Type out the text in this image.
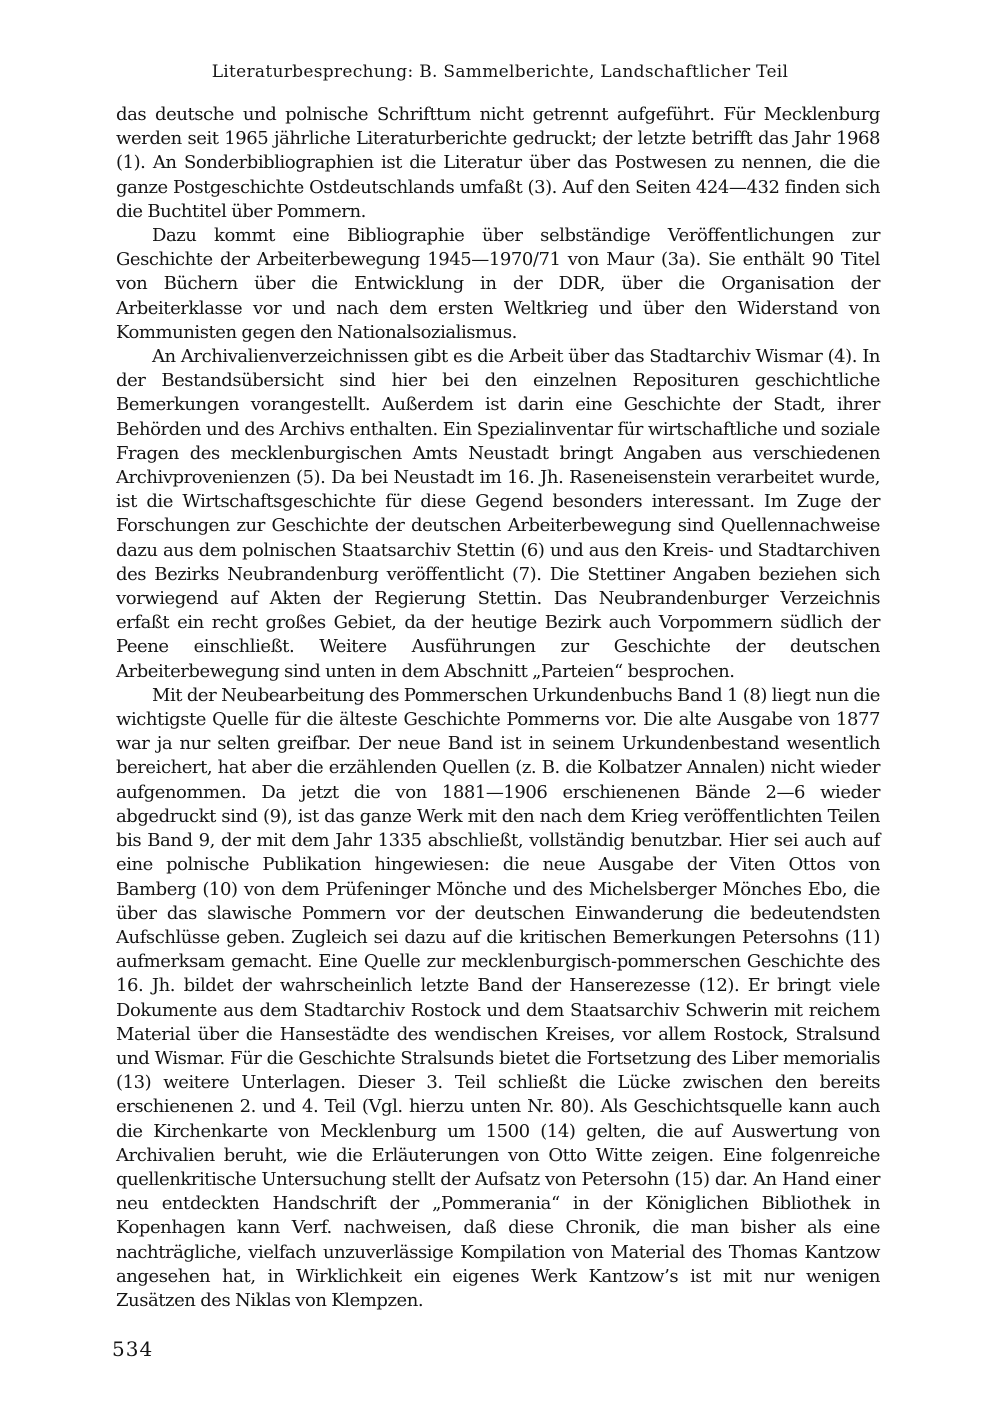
Literaturbesprechung: B. Sammelberichte, Landschaftlicher Teil

das deutsche und polnische Schrifttum nicht getrennt aufgeführt. Für Mecklenburg werden seit 1965 jährliche Literaturberichte gedruckt; der letzte betrifft das Jahr 1968 (1). An Sonderbibliographien ist die Literatur über das Postwesen zu nennen, die die ganze Postgeschichte Ostdeutschlands umfaßt (3). Auf den Seiten 424—432 finden sich die Buchtitel über Pommern.

Dazu kommt eine Bibliographie über selbständige Veröffentlichungen zur Geschichte der Arbeiterbewegung 1945—1970/71 von Maur (3a). Sie enthält 90 Titel von Büchern über die Entwicklung in der DDR, über die Organisation der Arbeiterklasse vor und nach dem ersten Weltkrieg und über den Widerstand von Kommunisten gegen den Nationalsozialismus.

An Archivalienverzeichnissen gibt es die Arbeit über das Stadtarchiv Wismar (4). In der Bestandsübersicht sind hier bei den einzelnen Reposituren geschichtliche Bemerkungen vorangestellt. Außerdem ist darin eine Geschichte der Stadt, ihrer Behörden und des Archivs enthalten. Ein Spezialinventar für wirtschaftliche und soziale Fragen des mecklenburgischen Amts Neustadt bringt Angaben aus verschiedenen Archivprovenienzen (5). Da bei Neustadt im 16. Jh. Raseneisenstein verarbeitet wurde, ist die Wirtschaftsgeschichte für diese Gegend besonders interessant. Im Zuge der Forschungen zur Geschichte der deutschen Arbeiterbewegung sind Quellennachweise dazu aus dem polnischen Staatsarchiv Stettin (6) und aus den Kreis- und Stadtarchiven des Bezirks Neubrandenburg veröffentlicht (7). Die Stettiner Angaben beziehen sich vorwiegend auf Akten der Regierung Stettin. Das Neubrandenburger Verzeichnis erfaßt ein recht großes Gebiet, da der heutige Bezirk auch Vorpommern südlich der Peene einschließt. Weitere Ausführungen zur Geschichte der deutschen Arbeiterbewegung sind unten in dem Abschnitt „Parteien“ besprochen.

Mit der Neubearbeitung des Pommerschen Urkundenbuchs Band 1 (8) liegt nun die wichtigste Quelle für die älteste Geschichte Pommerns vor. Die alte Ausgabe von 1877 war ja nur selten greifbar. Der neue Band ist in seinem Urkundenbestand wesentlich bereichert, hat aber die erzählenden Quellen (z. B. die Kolbatzer Annalen) nicht wieder aufgenommen. Da jetzt die von 1881—1906 erschienenen Bände 2—6 wieder abgedruckt sind (9), ist das ganze Werk mit den nach dem Krieg veröffentlichten Teilen bis Band 9, der mit dem Jahr 1335 abschließt, vollständig benutzbar. Hier sei auch auf eine polnische Publikation hingewiesen: die neue Ausgabe der Viten Ottos von Bamberg (10) von dem Prüfeninger Mönche und des Michelsberger Mönches Ebo, die über das slawische Pommern vor der deutschen Einwanderung die bedeutendsten Aufschlüsse geben. Zugleich sei dazu auf die kritischen Bemerkungen Petersohns (11) aufmerksam gemacht. Eine Quelle zur mecklenburgisch-pommerschen Geschichte des 16. Jh. bildet der wahrscheinlich letzte Band der Hanserezesse (12). Er bringt viele Dokumente aus dem Stadtarchiv Rostock und dem Staatsarchiv Schwerin mit reichem Material über die Hansestädte des wendischen Kreises, vor allem Rostock, Stralsund und Wismar. Für die Geschichte Stralsunds bietet die Fortsetzung des Liber memorialis (13) weitere Unterlagen. Dieser 3. Teil schließt die Lücke zwischen den bereits erschienenen 2. und 4. Teil (Vgl. hierzu unten Nr. 80). Als Geschichtsquelle kann auch die Kirchenkarte von Mecklenburg um 1500 (14) gelten, die auf Auswertung von Archivalien beruht, wie die Erläuterungen von Otto Witte zeigen. Eine folgenreiche quellenkritische Untersuchung stellt der Aufsatz von Petersohn (15) dar. An Hand einer neu entdeckten Handschrift der „Pommerania“ in der Königlichen Bibliothek in Kopenhagen kann Verf. nachweisen, daß diese Chronik, die man bisher als eine nachträgliche, vielfach unzuverlässige Kompilation von Material des Thomas Kantzow angesehen hat, in Wirklichkeit ein eigenes Werk Kantzow’s ist mit nur wenigen Zusätzen des Niklas von Klempzen.

534
